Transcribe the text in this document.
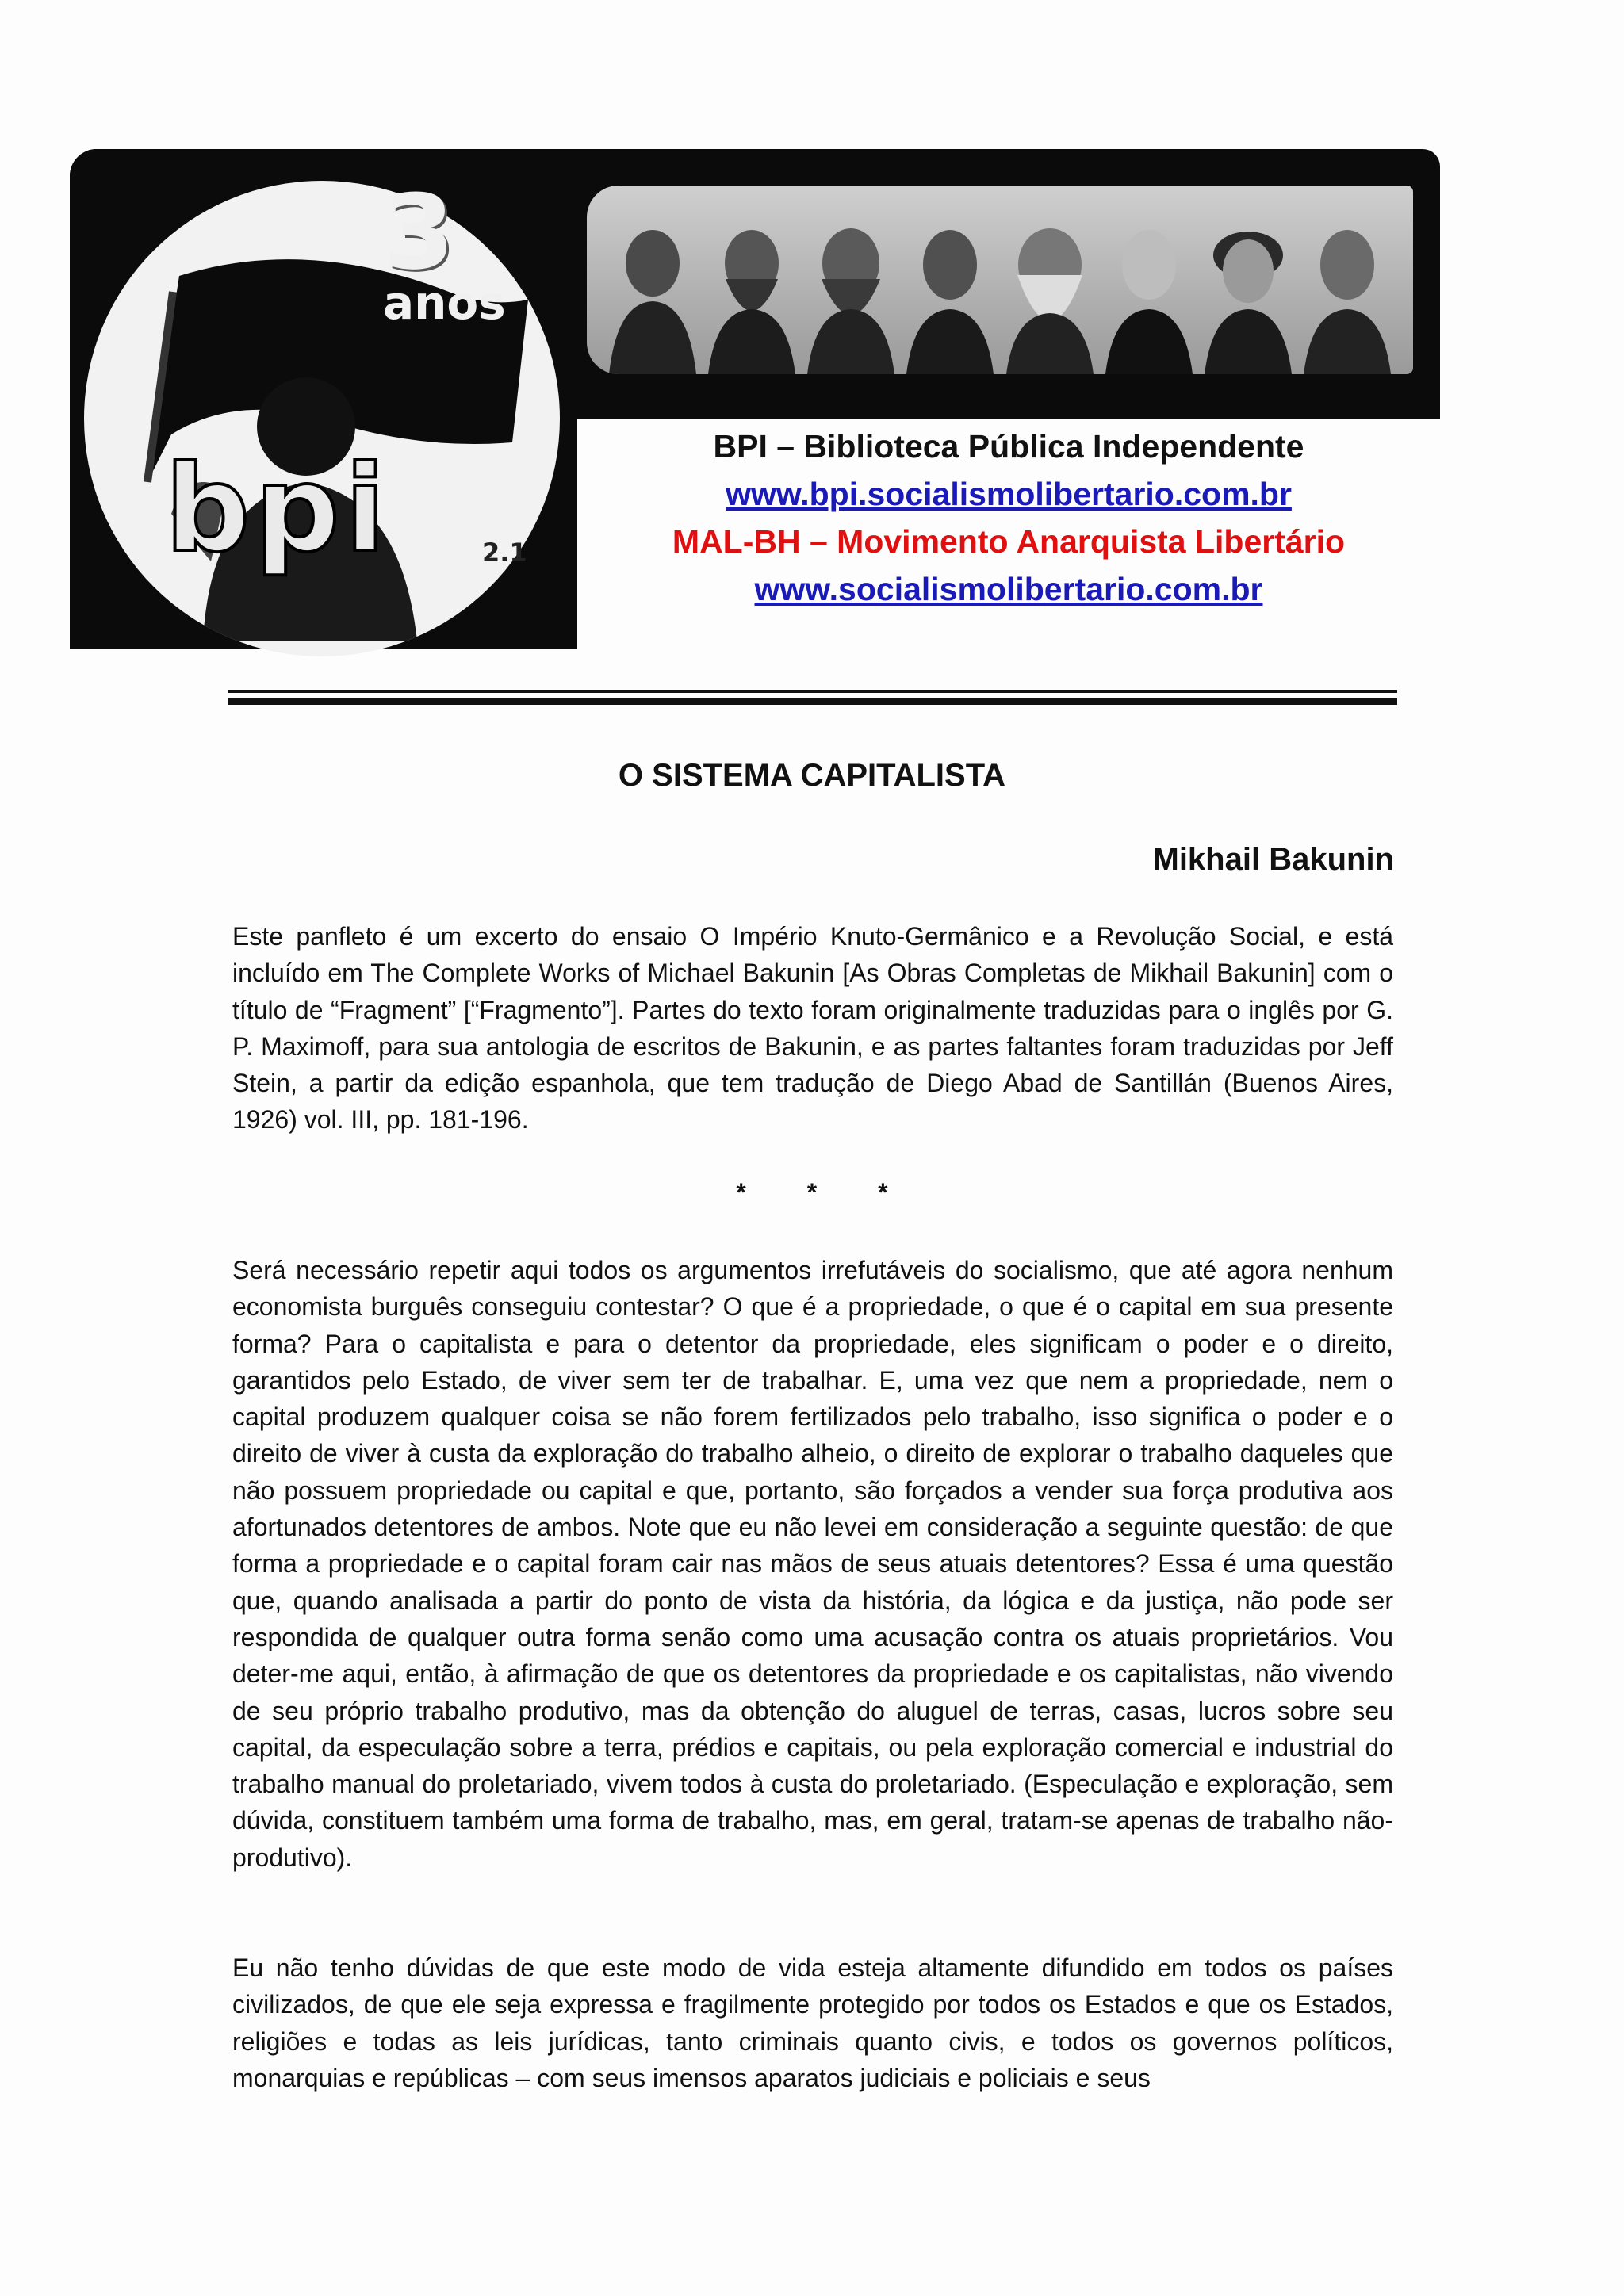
3
anos
bpi	2.1
BPI – Biblioteca Pública Independente
www.bpi.socialismolibertario.com.br
MAL-BH – Movimento Anarquista Libertário
www.socialismolibertario.com.br
O SISTEMA CAPITALISTA
Mikhail Bakunin

Este panfleto é um excerto do ensaio O Império Knuto-Germânico e a Revolução Social, e está incluído em The Complete Works of Michael Bakunin [As Obras Completas de Mikhail Bakunin] com o título de “Fragment” [“Fragmento”]. Partes do texto foram originalmente traduzidas para o inglês por G. P. Maximoff, para sua antologia de escritos de Bakunin, e as partes faltantes foram traduzidas por Jeff Stein, a partir da edição espanhola, que tem tradução de Diego Abad de Santillán (Buenos Aires, 1926) vol. III, pp. 181-196.

* * *

Será necessário repetir aqui todos os argumentos irrefutáveis do socialismo, que até agora nenhum economista burguês conseguiu contestar? O que é a propriedade, o que é o capital em sua presente forma? Para o capitalista e para o detentor da propriedade, eles significam o poder e o direito, garantidos pelo Estado, de viver sem ter de trabalhar. E, uma vez que nem a propriedade, nem o capital produzem qualquer coisa se não forem fertilizados pelo trabalho, isso significa o poder e o direito de viver à custa da exploração do trabalho alheio, o direito de explorar o trabalho daqueles que não possuem propriedade ou capital e que, portanto, são forçados a vender sua força produtiva aos afortunados detentores de ambos. Note que eu não levei em consideração a seguinte questão: de que forma a propriedade e o capital foram cair nas mãos de seus atuais detentores? Essa é uma questão que, quando analisada a partir do ponto de vista da história, da lógica e da justiça, não pode ser respondida de qualquer outra forma senão como uma acusação contra os atuais proprietários. Vou deter-me aqui, então, à afirmação de que os detentores da propriedade e os capitalistas, não vivendo de seu próprio trabalho produtivo, mas da obtenção do aluguel de terras, casas, lucros sobre seu capital, da especulação sobre a terra, prédios e capitais, ou pela exploração comercial e industrial do trabalho manual do proletariado, vivem todos à custa do proletariado. (Especulação e exploração, sem dúvida, constituem também uma forma de trabalho, mas, em geral, tratam-se apenas de trabalho não-produtivo).

Eu não tenho dúvidas de que este modo de vida esteja altamente difundido em todos os países civilizados, de que ele seja expressa e fragilmente protegido por todos os Estados e que os Estados, religiões e todas as leis jurídicas, tanto criminais quanto civis, e todos os governos políticos, monarquias e repúblicas – com seus imensos aparatos judiciais e policiais e seus
